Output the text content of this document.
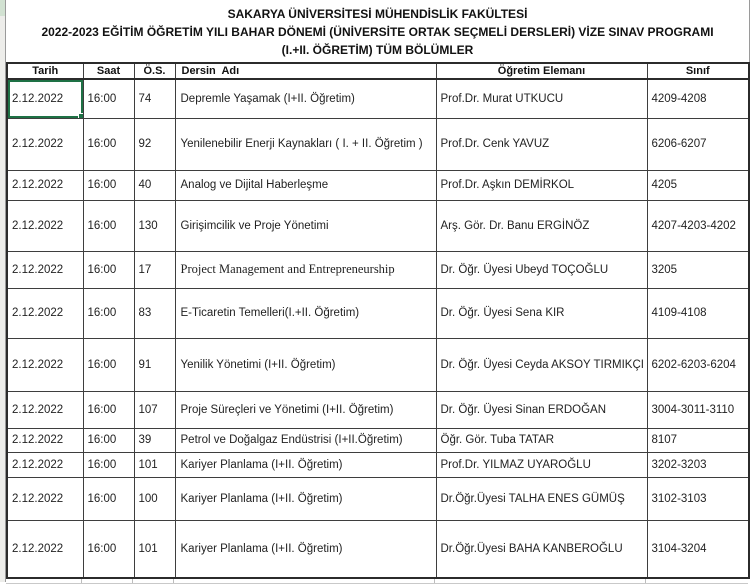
SAKARYA ÜNİVERSİTESİ MÜHENDİSLİK FAKÜLTESİ
2022-2023 EĞİTİM ÖĞRETİM YILI BAHAR DÖNEMİ (ÜNİVERSİTE ORTAK SEÇMELİ DERSLERİ) VİZE SINAV PROGRAMI
(I.+II. ÖĞRETİM) TÜM BÖLÜMLER
Tarih	Saat	Ö.S.	Dersin  Adı	Öğretim Elemanı	Sınıf
2.12.2022	16:00	74	Depremle Yaşamak (I+II. Öğretim)	Prof.Dr. Murat UTKUCU	4209-4208
2.12.2022	16:00	92	Yenilenebilir Enerji Kaynakları ( I. + II. Öğretim )	Prof.Dr. Cenk YAVUZ	6206-6207
2.12.2022	16:00	40	Analog ve Dijital Haberleşme	Prof.Dr. Aşkın DEMİRKOL	4205
2.12.2022	16:00	130	Girişimcilik ve Proje Yönetimi	Arş. Gör. Dr. Banu ERGİNÖZ	4207-4203-4202
2.12.2022	16:00	17	Project Management and Entrepreneurship	Dr. Öğr. Üyesi Ubeyd TOÇOĞLU	3205
2.12.2022	16:00	83	E-Ticaretin Temelleri(I.+II. Öğretim)	Dr. Öğr. Üyesi Sena KIR	4109-4108
2.12.2022	16:00	91	Yenilik Yönetimi (I+II. Öğretim)	Dr. Öğr. Üyesi Ceyda AKSOY TIRMIKÇI	6202-6203-6204
2.12.2022	16:00	107	Proje Süreçleri ve Yönetimi (I+II. Öğretim)	Dr. Öğr. Üyesi Sinan ERDOĞAN	3004-3011-3110
2.12.2022	16:00	39	Petrol ve Doğalgaz Endüstrisi (I+II.Öğretim)	Öğr. Gör. Tuba TATAR	8107
2.12.2022	16:00	101	Kariyer Planlama (I+II. Öğretim)	Prof.Dr. YILMAZ UYAROĞLU	3202-3203
2.12.2022	16:00	100	Kariyer Planlama (I+II. Öğretim)	Dr.Öğr.Üyesi TALHA ENES GÜMÜŞ	3102-3103
2.12.2022	16:00	101	Kariyer Planlama (I+II. Öğretim)	Dr.Öğr.Üyesi BAHA KANBEROĞLU	3104-3204
